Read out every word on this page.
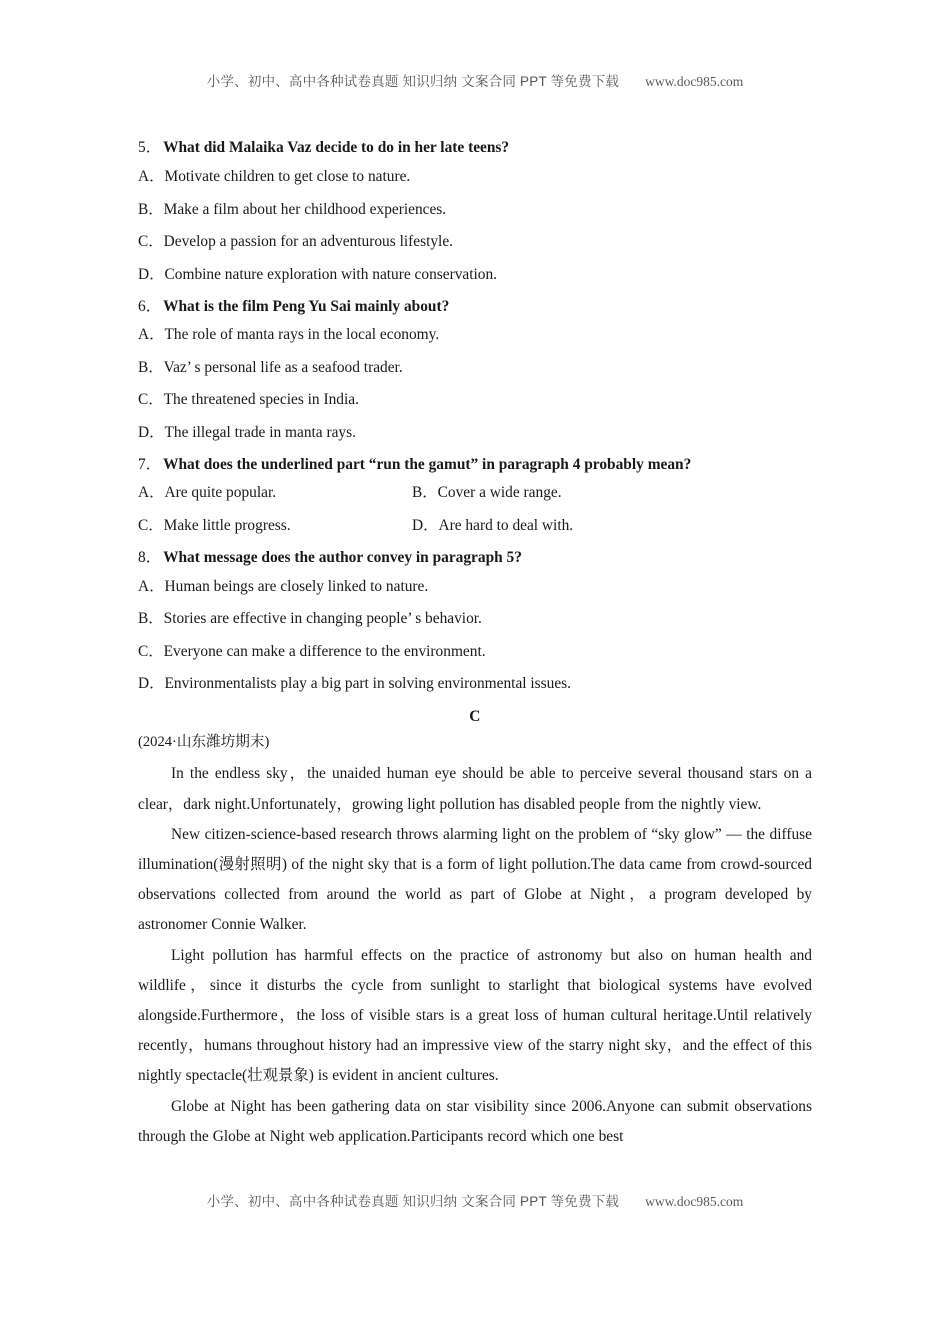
小学、初中、高中各种试卷真题 知识归纳 文案合同 PPT 等免费下载 www.doc985.com

5． What did Malaika Vaz decide to do in her late teens?

A．Motivate children to get close to nature.

B．Make a film about her childhood experiences.

C．Develop a passion for an adventurous lifestyle.

D．Combine nature exploration with nature conservation.

6． What is the film Peng Yu Sai mainly about?

A．The role of manta rays in the local economy.

B．Vaz’ s personal life as a seafood trader.

C．The threatened species in India.

D．The illegal trade in manta rays.

7． What does the underlined part “run the gamut” in paragraph 4 probably mean?

A．Are quite popular.	B．Cover a wide range.
C．Make little progress.	D．Are hard to deal with.

8． What message does the author convey in paragraph 5?

A．Human beings are closely linked to nature.

B．Stories are effective in changing people’ s behavior.

C．Everyone can make a difference to the environment.

D．Environmentalists play a big part in solving environmental issues.

C
(2024·山东潍坊期末)

In the endless sky，the unaided human eye should be able to perceive several thousand stars on a clear，dark night.Unfortunately，growing light pollution has disabled people from the nightly view.

New citizen-science-based research throws alarming light on the problem of “sky glow” — the diffuse illumination(漫射照明) of the night sky that is a form of light pollution.The data came from crowd-sourced observations collected from around the world as part of Globe at Night，a program developed by astronomer Connie Walker.

Light pollution has harmful effects on the practice of astronomy but also on human health and wildlife，since it disturbs the cycle from sunlight to starlight that biological systems have evolved alongside.Furthermore，the loss of visible stars is a great loss of human cultural heritage.Until relatively recently，humans throughout history had an impressive view of the starry night sky，and the effect of this nightly spectacle(壮观景象) is evident in ancient cultures.

Globe at Night has been gathering data on star visibility since 2006.Anyone can submit observations through the Globe at Night web application.Participants record which one best

小学、初中、高中各种试卷真题 知识归纳 文案合同 PPT 等免费下载 www.doc985.com
